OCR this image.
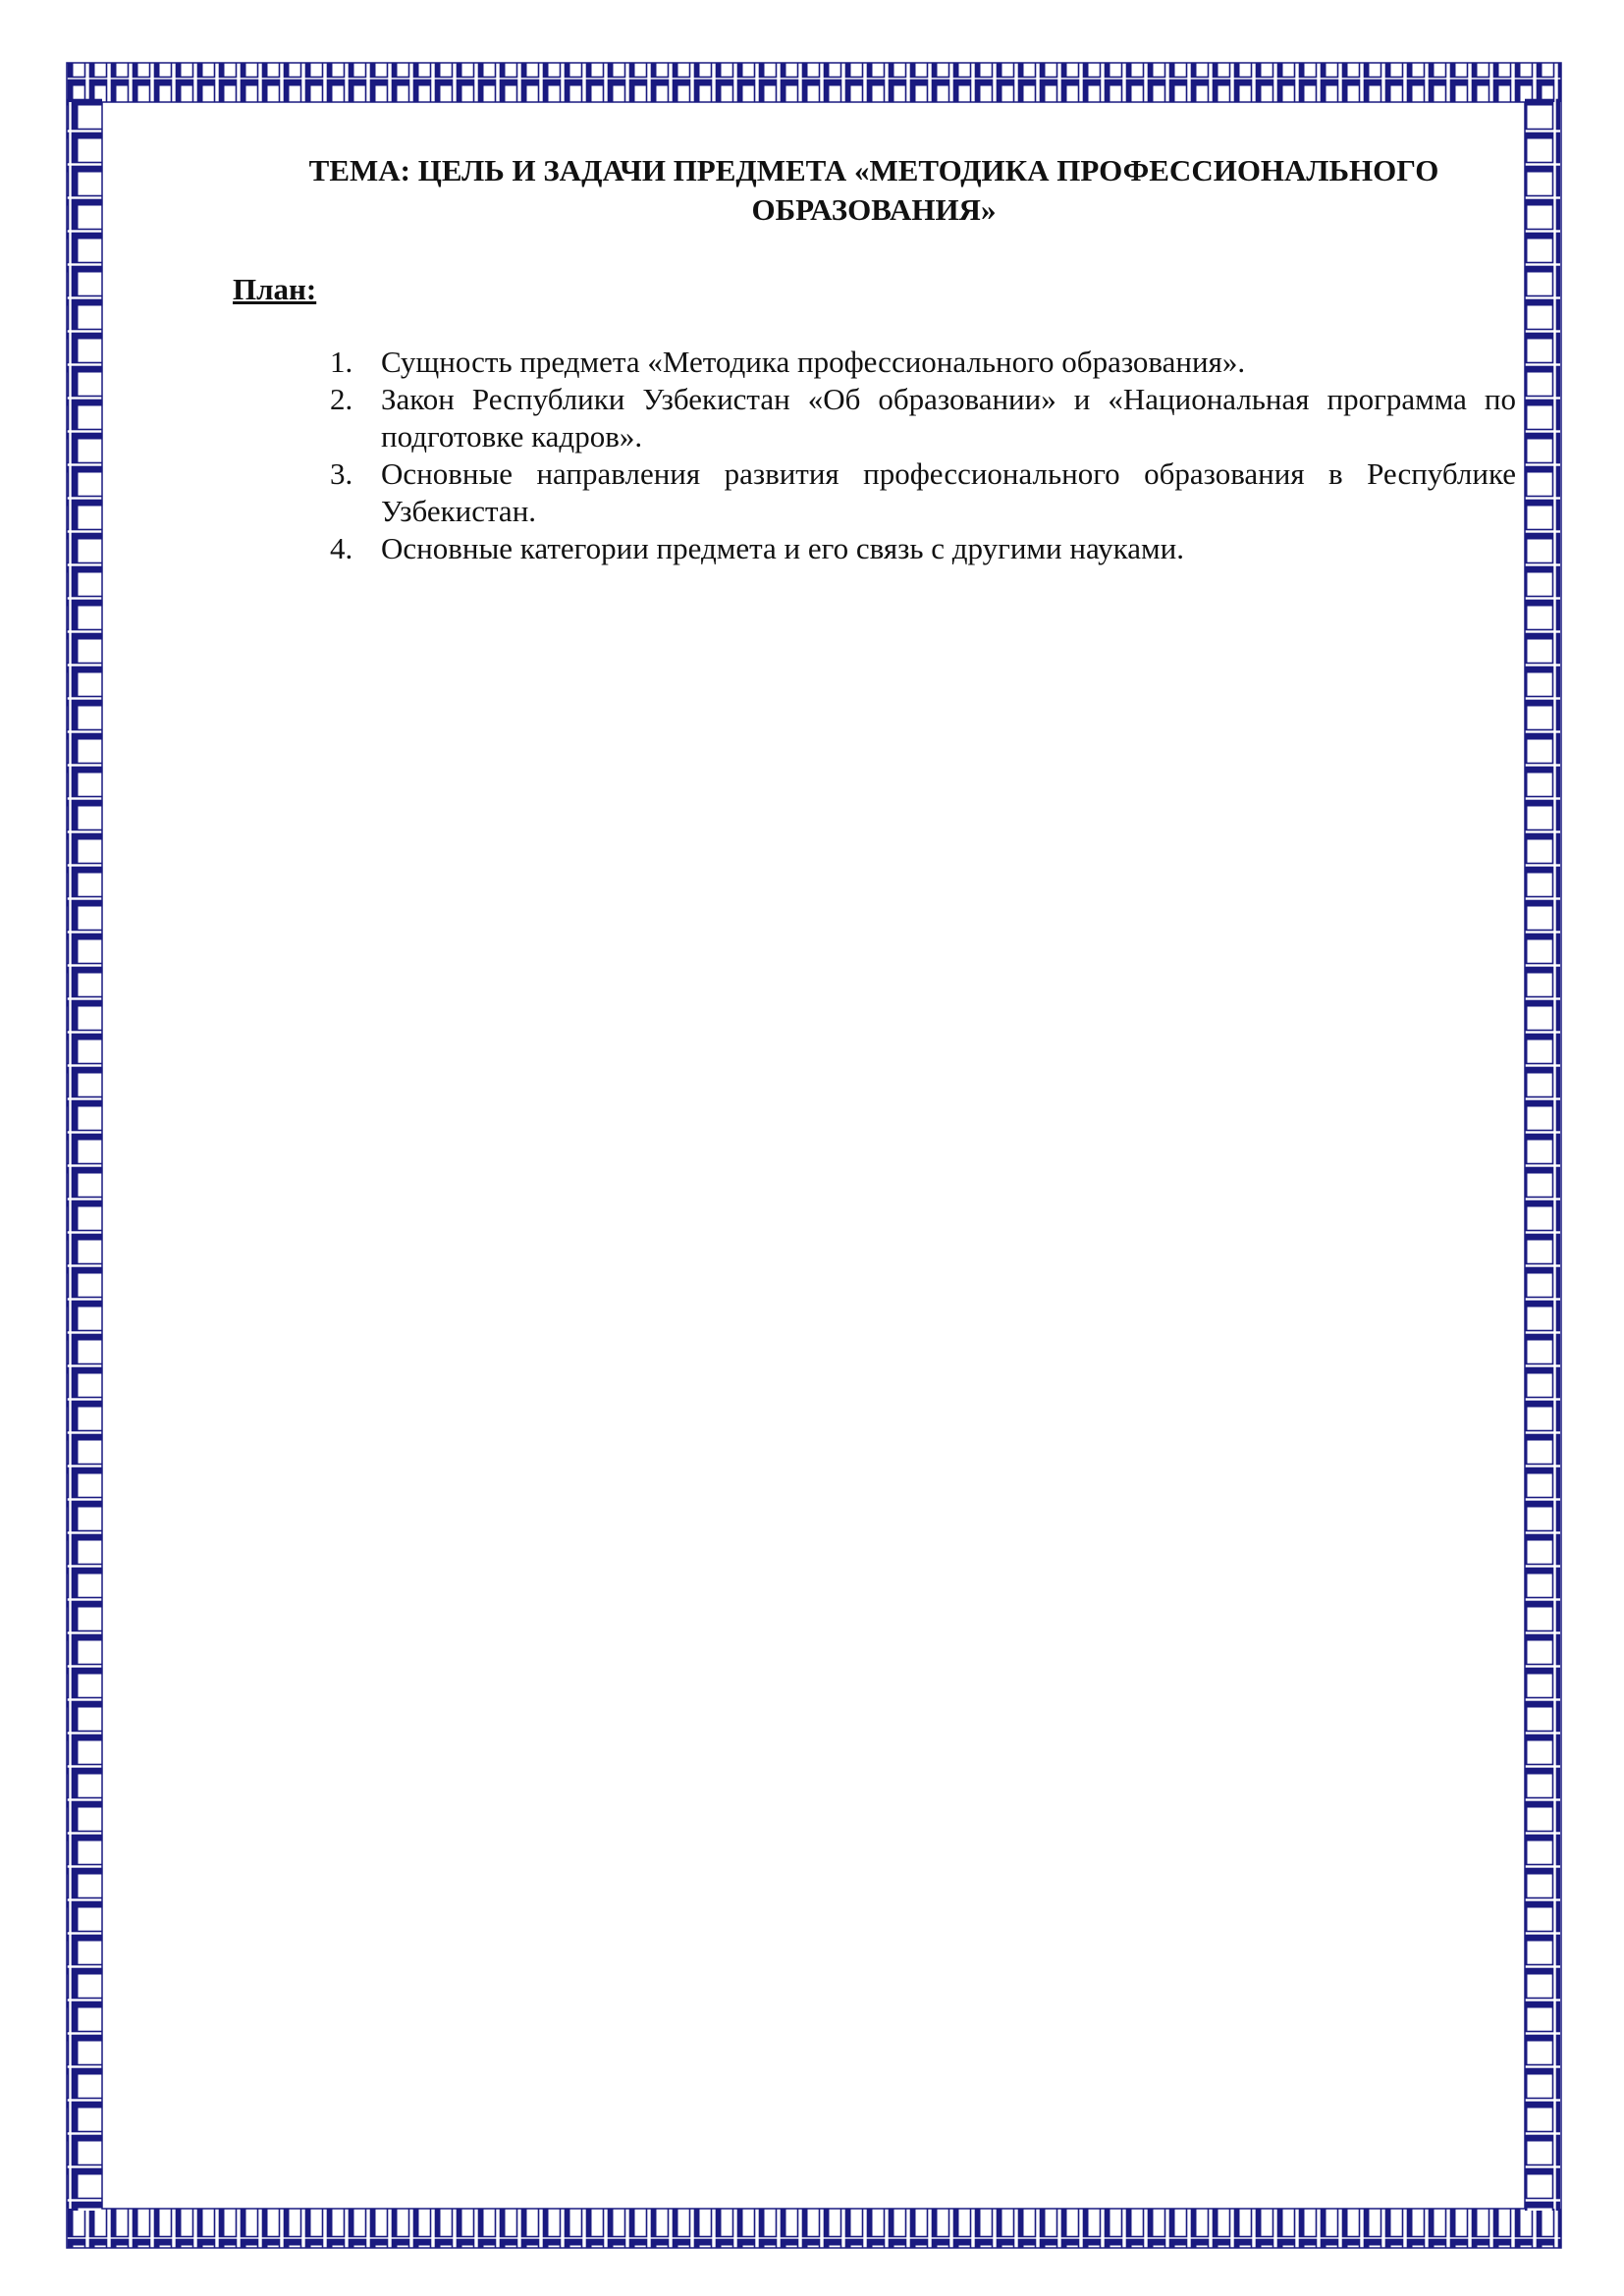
ТЕМА: ЦЕЛЬ И ЗАДАЧИ ПРЕДМЕТА «МЕТОДИКА ПРОФЕССИОНАЛЬНОГО ОБРАЗОВАНИЯ»

План:

1. Сущность предмета «Методика профессионального образования».
2. Закон Республики Узбекистан «Об образовании» и «Национальная программа по подготовке кадров».
3. Основные направления развития профессионального образования в Республике Узбекистан.
4. Основные категории предмета и его связь с другими науками.
